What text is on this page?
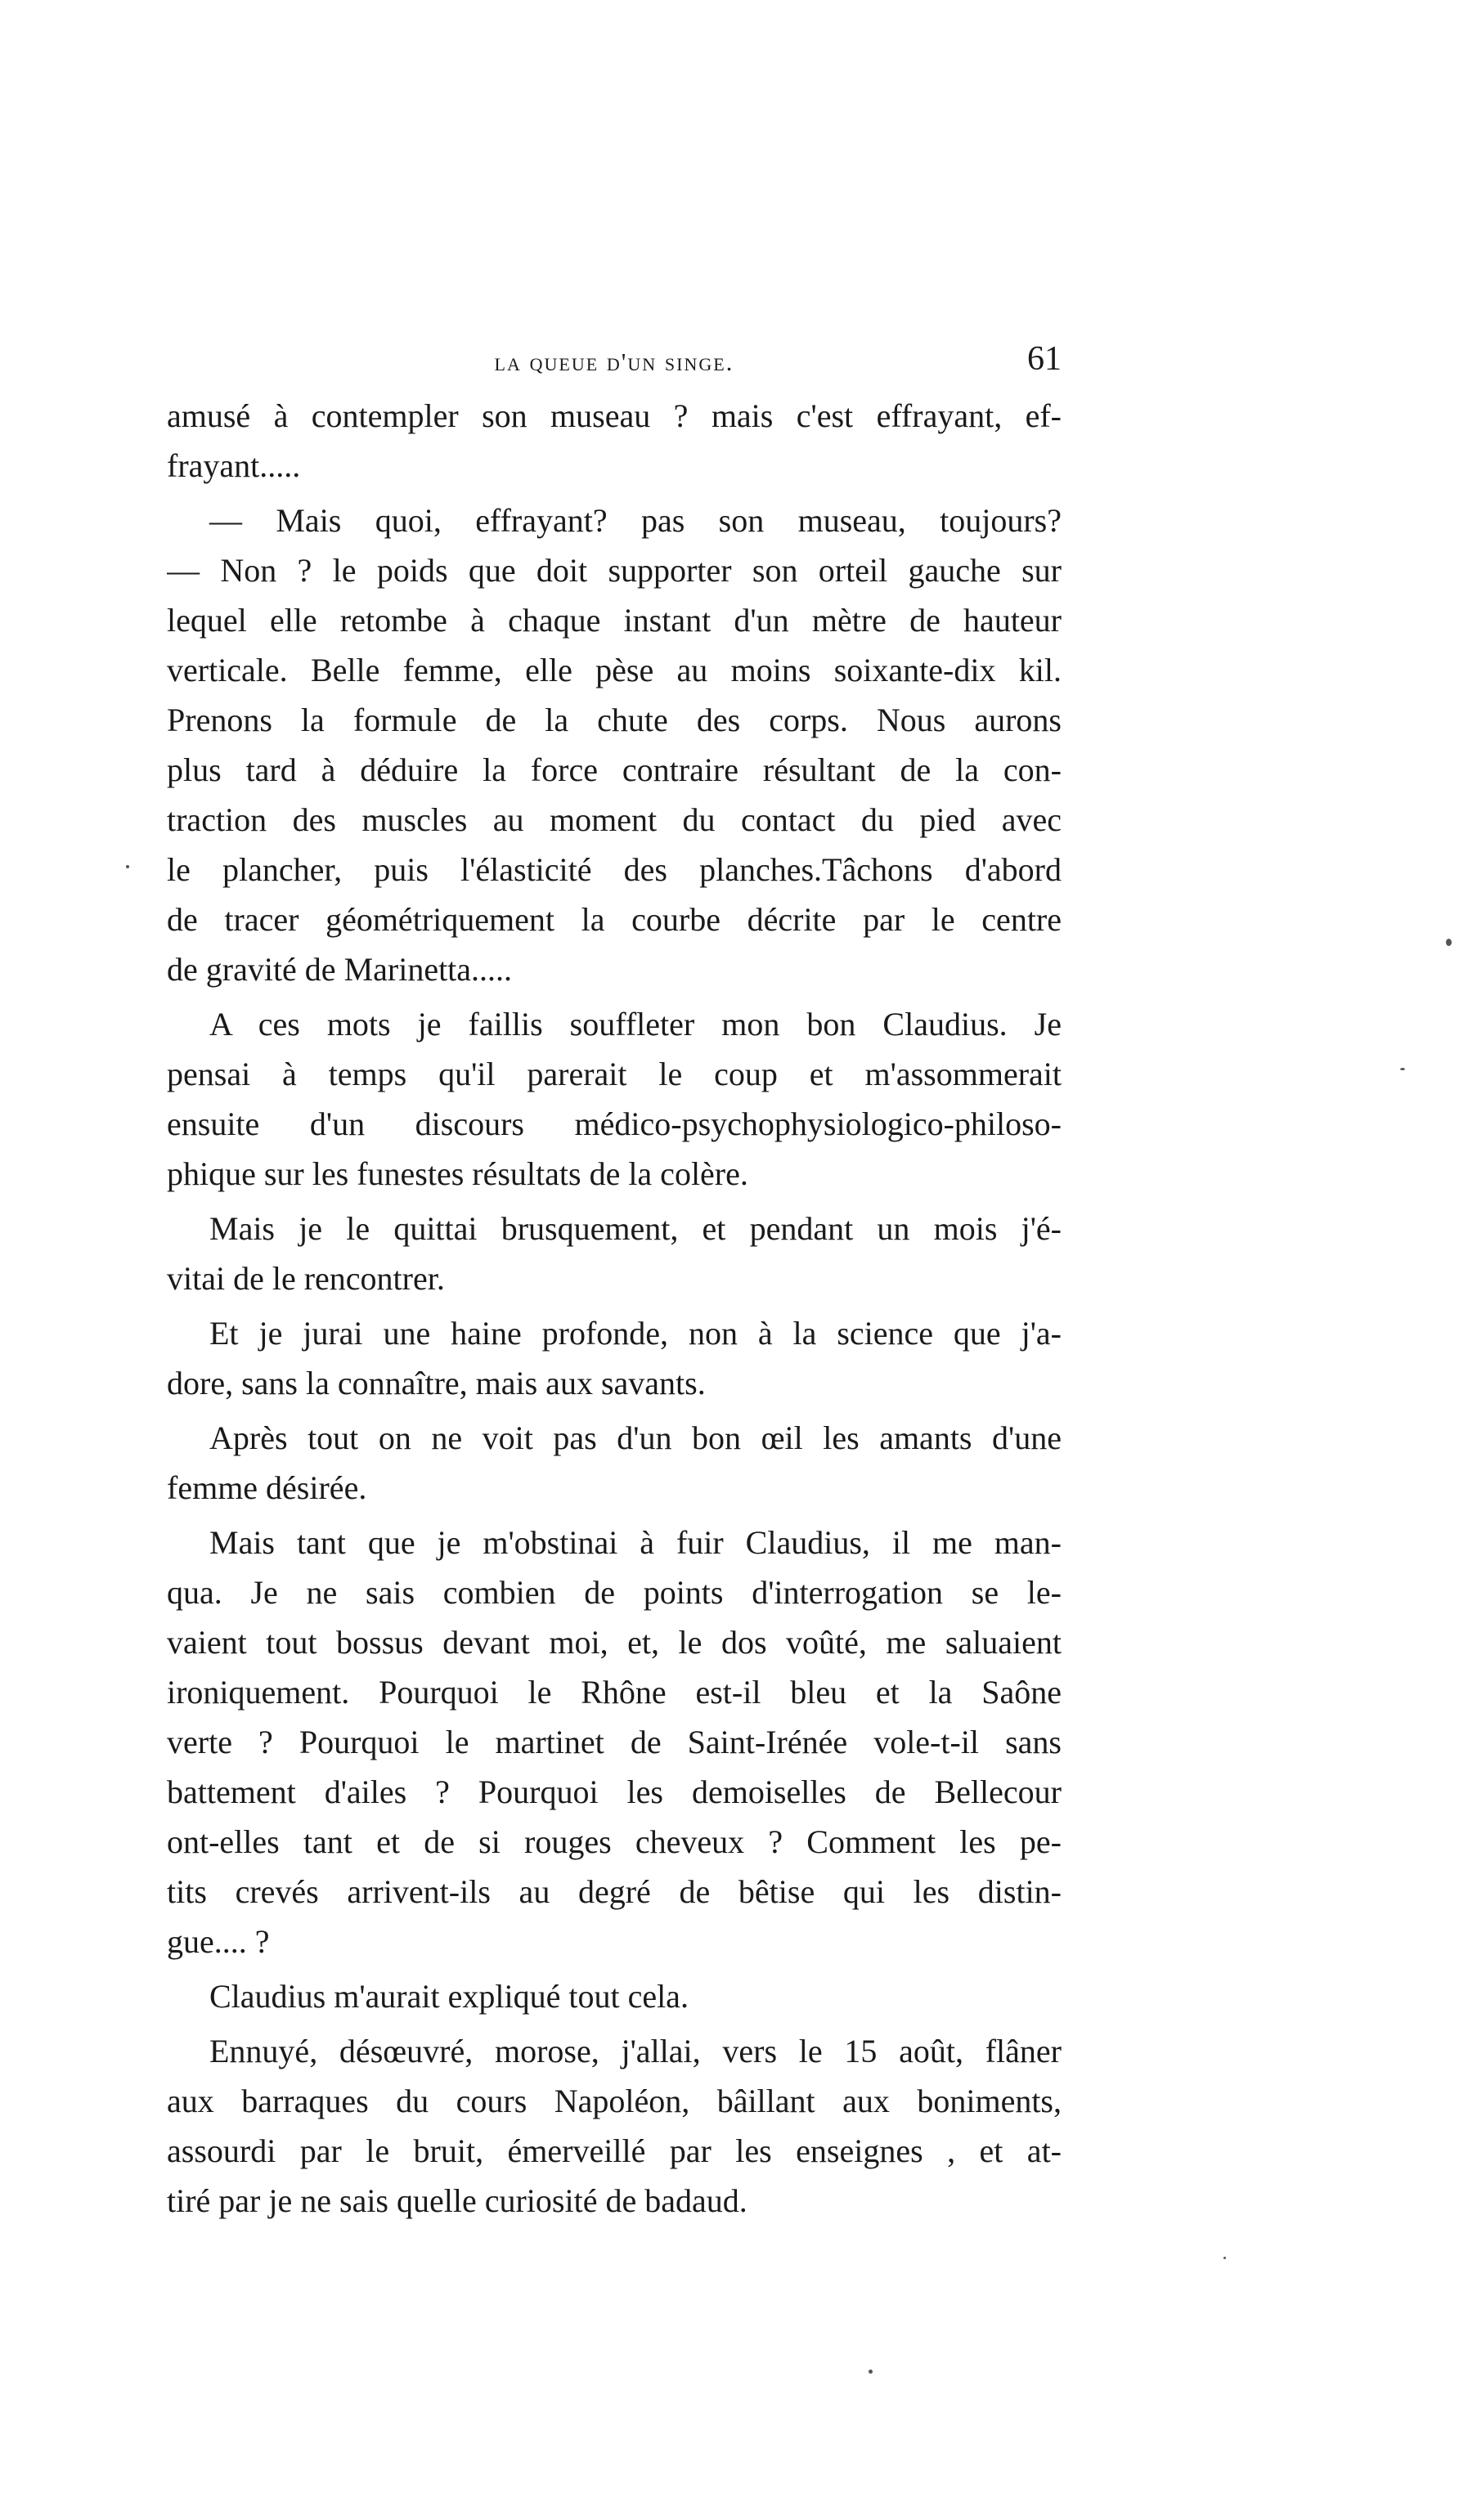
la queue d'un singe.	61
amusé à contempler son museau ? mais c'est effrayant, ef-
frayant.....
— Mais quoi, effrayant? pas son museau, toujours?
— Non ? le poids que doit supporter son orteil gauche sur
lequel elle retombe à chaque instant d'un mètre de hauteur
verticale. Belle femme, elle pèse au moins soixante-dix kil.
Prenons la formule de la chute des corps. Nous aurons
plus tard à déduire la force contraire résultant de la con-
traction des muscles au moment du contact du pied avec
le plancher, puis l'élasticité des planches.Tâchons d'abord
de tracer géométriquement la courbe décrite par le centre
de gravité de Marinetta.....
A ces mots je faillis souffleter mon bon Claudius. Je
pensai à temps qu'il parerait le coup et m'assommerait
ensuite d'un discours médico-psychophysiologico-philoso-
phique sur les funestes résultats de la colère.
Mais je le quittai brusquement, et pendant un mois j'é-
vitai de le rencontrer.
Et je jurai une haine profonde, non à la science que j'a-
dore, sans la connaître, mais aux savants.
Après tout on ne voit pas d'un bon œil les amants d'une
femme désirée.
Mais tant que je m'obstinai à fuir Claudius, il me man-
qua. Je ne sais combien de points d'interrogation se le-
vaient tout bossus devant moi, et, le dos voûté, me saluaient
ironiquement. Pourquoi le Rhône est-il bleu et la Saône
verte ? Pourquoi le martinet de Saint-Irénée vole-t-il sans
battement d'ailes ? Pourquoi les demoiselles de Bellecour
ont-elles tant et de si rouges cheveux ? Comment les pe-
tits crevés arrivent-ils au degré de bêtise qui les distin-
gue.... ?
Claudius m'aurait expliqué tout cela.
Ennuyé, désœuvré, morose, j'allai, vers le 15 août, flâner
aux barraques du cours Napoléon, bâillant aux boniments,
assourdi par le bruit, émerveillé par les enseignes , et at-
tiré par je ne sais quelle curiosité de badaud.
